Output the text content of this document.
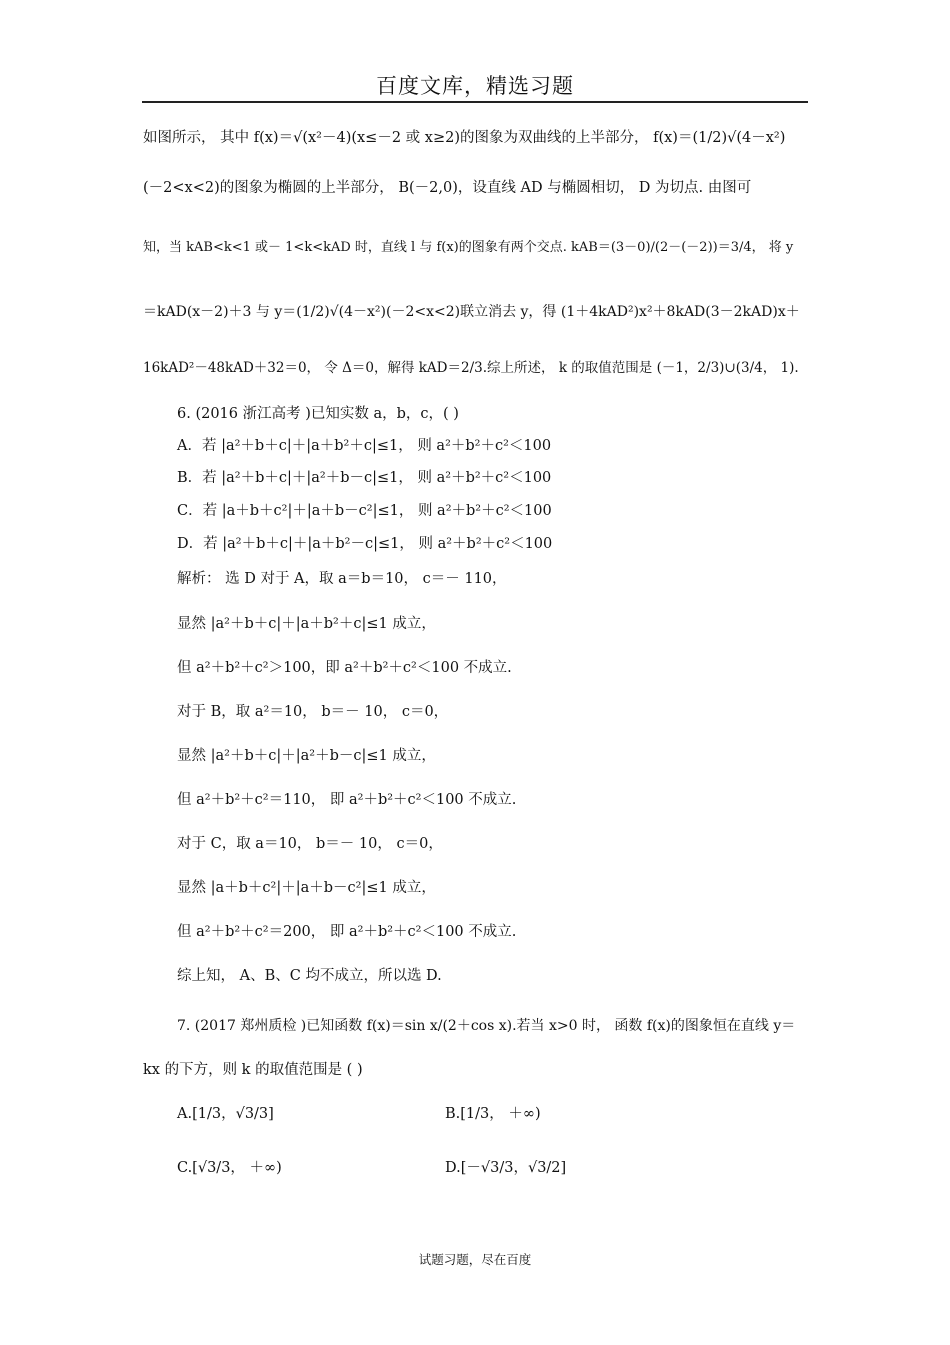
百度文库，精选习题
如图所示， 其中 f(x)＝√(x²－4)(x≤－2 或 x≥2)的图象为双曲线的上半部分， f(x)＝(1/2)√(4－x²)
(－2<x<2)的图象为椭圆的上半部分， B(－2,0)，设直线 AD 与椭圆相切， D 为切点. 由图可
知，当 kAB<k<1 或－ 1<k<kAD 时，直线 l 与 f(x)的图象有两个交点. kAB＝(3－0)/(2－(－2))＝3/4， 将 y
＝kAD(x－2)＋3 与 y＝(1/2)√(4－x²)(－2<x<2)联立消去 y，得 (1＋4kAD²)x²＋8kAD(3－2kAD)x＋
16kAD²－48kAD＋32＝0， 令 Δ＝0，解得 kAD＝2/3.综上所述， k 的取值范围是 (－1，2/3)∪(3/4， 1).
6. (2016 浙江高考 )已知实数 a，b，c，( )
A．若 |a²＋b＋c|＋|a＋b²＋c|≤1， 则 a²＋b²＋c²＜100
B．若 |a²＋b＋c|＋|a²＋b－c|≤1， 则 a²＋b²＋c²＜100
C．若 |a＋b＋c²|＋|a＋b－c²|≤1， 则 a²＋b²＋c²＜100
D．若 |a²＋b＋c|＋|a＋b²－c|≤1， 则 a²＋b²＋c²＜100
解析： 选 D 对于 A，取 a＝b＝10， c＝－ 110，
显然 |a²＋b＋c|＋|a＋b²＋c|≤1 成立，
但 a²＋b²＋c²＞100，即 a²＋b²＋c²＜100 不成立.
对于 B，取 a²＝10， b＝－ 10， c＝0，
显然 |a²＋b＋c|＋|a²＋b－c|≤1 成立，
但 a²＋b²＋c²＝110， 即 a²＋b²＋c²＜100 不成立.
对于 C，取 a＝10， b＝－ 10， c＝0，
显然 |a＋b＋c²|＋|a＋b－c²|≤1 成立，
但 a²＋b²＋c²＝200， 即 a²＋b²＋c²＜100 不成立.
综上知， A、B、C 均不成立，所以选 D.
7. (2017 郑州质检 )已知函数 f(x)＝sin x/(2＋cos x).若当 x>0 时， 函数 f(x)的图象恒在直线 y＝
kx 的下方，则 k 的取值范围是 ( )
A.[1/3，√3/3]	B.[1/3， ＋∞)
C.[√3/3， ＋∞)	D.[－√3/3，√3/2]
试题习题，尽在百度
